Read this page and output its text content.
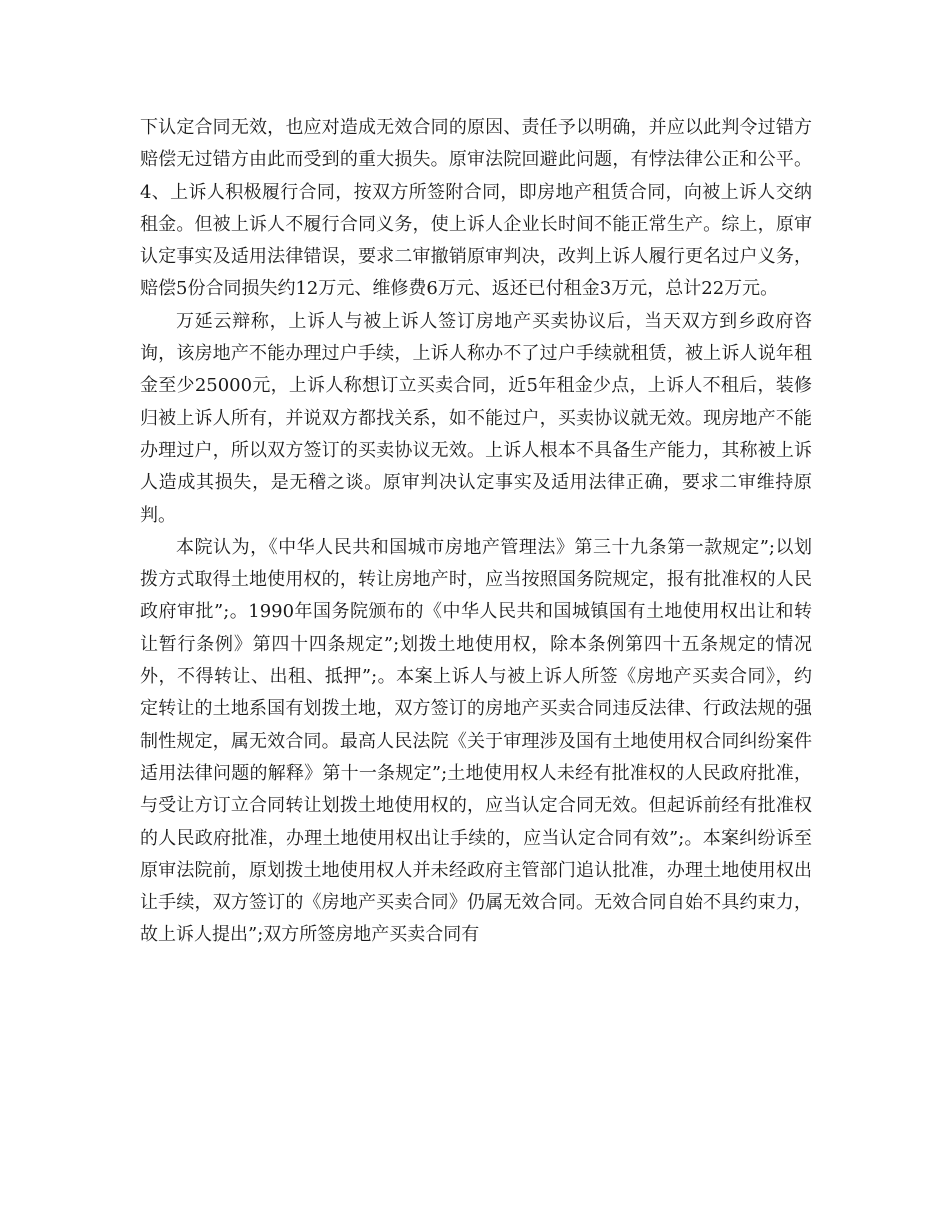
下认定合同无效，也应对造成无效合同的原因、责任予以明确，并应以此判令过错方赔偿无过错方由此而受到的重大损失。原审法院回避此问题，有悖法律公正和公平。4、上诉人积极履行合同，按双方所签附合同，即房地产租赁合同，向被上诉人交纳租金。但被上诉人不履行合同义务，使上诉人企业长时间不能正常生产。综上，原审认定事实及适用法律错误，要求二审撤销原审判决，改判上诉人履行更名过户义务，赔偿5份合同损失约12万元、维修费6万元、返还已付租金3万元，总计22万元。

万延云辩称，上诉人与被上诉人签订房地产买卖协议后，当天双方到乡政府咨询，该房地产不能办理过户手续，上诉人称办不了过户手续就租赁，被上诉人说年租金至少25000元，上诉人称想订立买卖合同，近5年租金少点，上诉人不租后，装修归被上诉人所有，并说双方都找关系，如不能过户，买卖协议就无效。现房地产不能办理过户，所以双方签订的买卖协议无效。上诉人根本不具备生产能力，其称被上诉人造成其损失，是无稽之谈。原审判决认定事实及适用法律正确，要求二审维持原判。

本院认为，《中华人民共和国城市房地产管理法》第三十九条第一款规定”;以划拨方式取得土地使用权的，转让房地产时，应当按照国务院规定，报有批准权的人民政府审批”;。1990年国务院颁布的《中华人民共和国城镇国有土地使用权出让和转让暂行条例》第四十四条规定”;划拨土地使用权，除本条例第四十五条规定的情况外，不得转让、出租、抵押”;。本案上诉人与被上诉人所签《房地产买卖合同》，约定转让的土地系国有划拨土地，双方签订的房地产买卖合同违反法律、行政法规的强制性规定，属无效合同。最高人民法院《关于审理涉及国有土地使用权合同纠纷案件适用法律问题的解释》第十一条规定”;土地使用权人未经有批准权的人民政府批准，与受让方订立合同转让划拨土地使用权的，应当认定合同无效。但起诉前经有批准权的人民政府批准，办理土地使用权出让手续的，应当认定合同有效”;。本案纠纷诉至原审法院前，原划拨土地使用权人并未经政府主管部门追认批准，办理土地使用权出让手续，双方签订的《房地产买卖合同》仍属无效合同。无效合同自始不具约束力，故上诉人提出”;双方所签房地产买卖合同有
